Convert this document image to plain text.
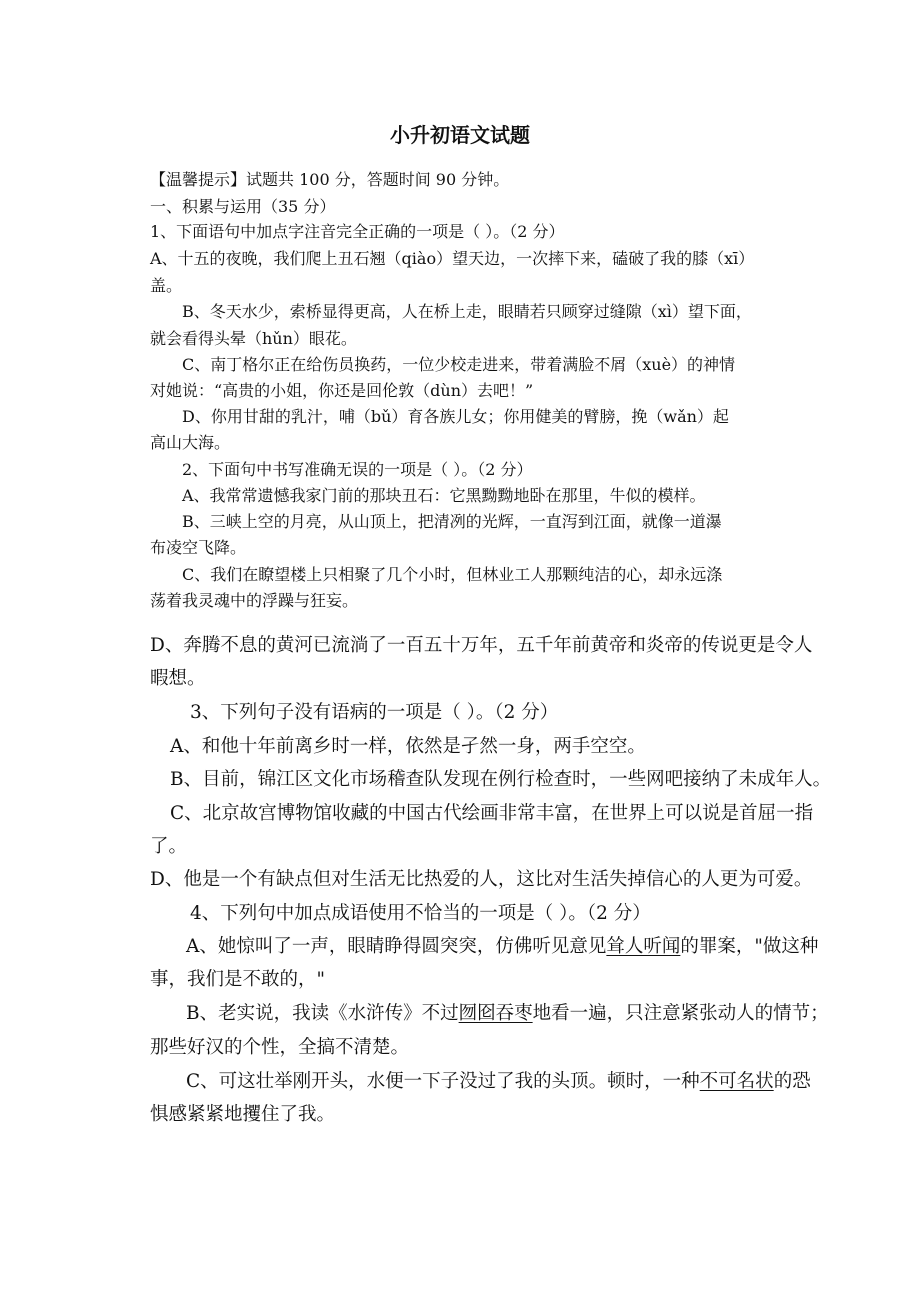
小升初语文试题
【温馨提示】试题共 100 分，答题时间 90 分钟。
一、积累与运用（35 分）
1、下面语句中加点字注音完全正确的一项是（ ）。（2 分）
A、十五的夜晚，我们爬上丑石翘（qiào）望天边，一次摔下来，磕破了我的膝（xī）
盖。
B、冬天水少，索桥显得更高，人在桥上走，眼睛若只顾穿过缝隙（xì）望下面，
就会看得头晕（hǔn）眼花。
C、南丁格尔正在给伤员换药，一位少校走进来，带着满脸不屑（xuè）的神情
对她说：“高贵的小姐，你还是回伦敦（dùn）去吧！”
D、你用甘甜的乳汁，哺（bǔ）育各族儿女；你用健美的臂膀，挽（wǎn）起
高山大海。
2、下面句中书写准确无误的一项是（ ）。（2 分）
A、我常常遗憾我家门前的那块丑石：它黑黝黝地卧在那里，牛似的模样。
B、三峡上空的月亮，从山顶上，把清冽的光辉，一直泻到江面，就像一道瀑
布凌空飞降。
C、我们在瞭望楼上只相聚了几个小时，但林业工人那颗纯洁的心，却永远涤
荡着我灵魂中的浮躁与狂妄。
D、奔腾不息的黄河已流淌了一百五十万年，五千年前黄帝和炎帝的传说更是令人
暇想。
3、下列句子没有语病的一项是（ ）。（2 分）
A、和他十年前离乡时一样，依然是孑然一身，两手空空。
B、目前，锦江区文化市场稽查队发现在例行检查时，一些网吧接纳了未成年人。
C、北京故宫博物馆收藏的中国古代绘画非常丰富，在世界上可以说是首屈一指
了。
D、他是一个有缺点但对生活无比热爱的人，这比对生活失掉信心的人更为可爱。
4、下列句中加点成语使用不恰当的一项是（ ）。（2 分）
A、她惊叫了一声，眼睛睁得圆突突，仿佛听见意见耸人听闻的罪案，"做这种
事，我们是不敢的，"
B、老实说，我读《水浒传》不过囫囵吞枣地看一遍，只注意紧张动人的情节；
那些好汉的个性，全搞不清楚。
C、可这壮举刚开头，水便一下子没过了我的头顶。顿时，一种不可名状的恐
惧感紧紧地攫住了我。
